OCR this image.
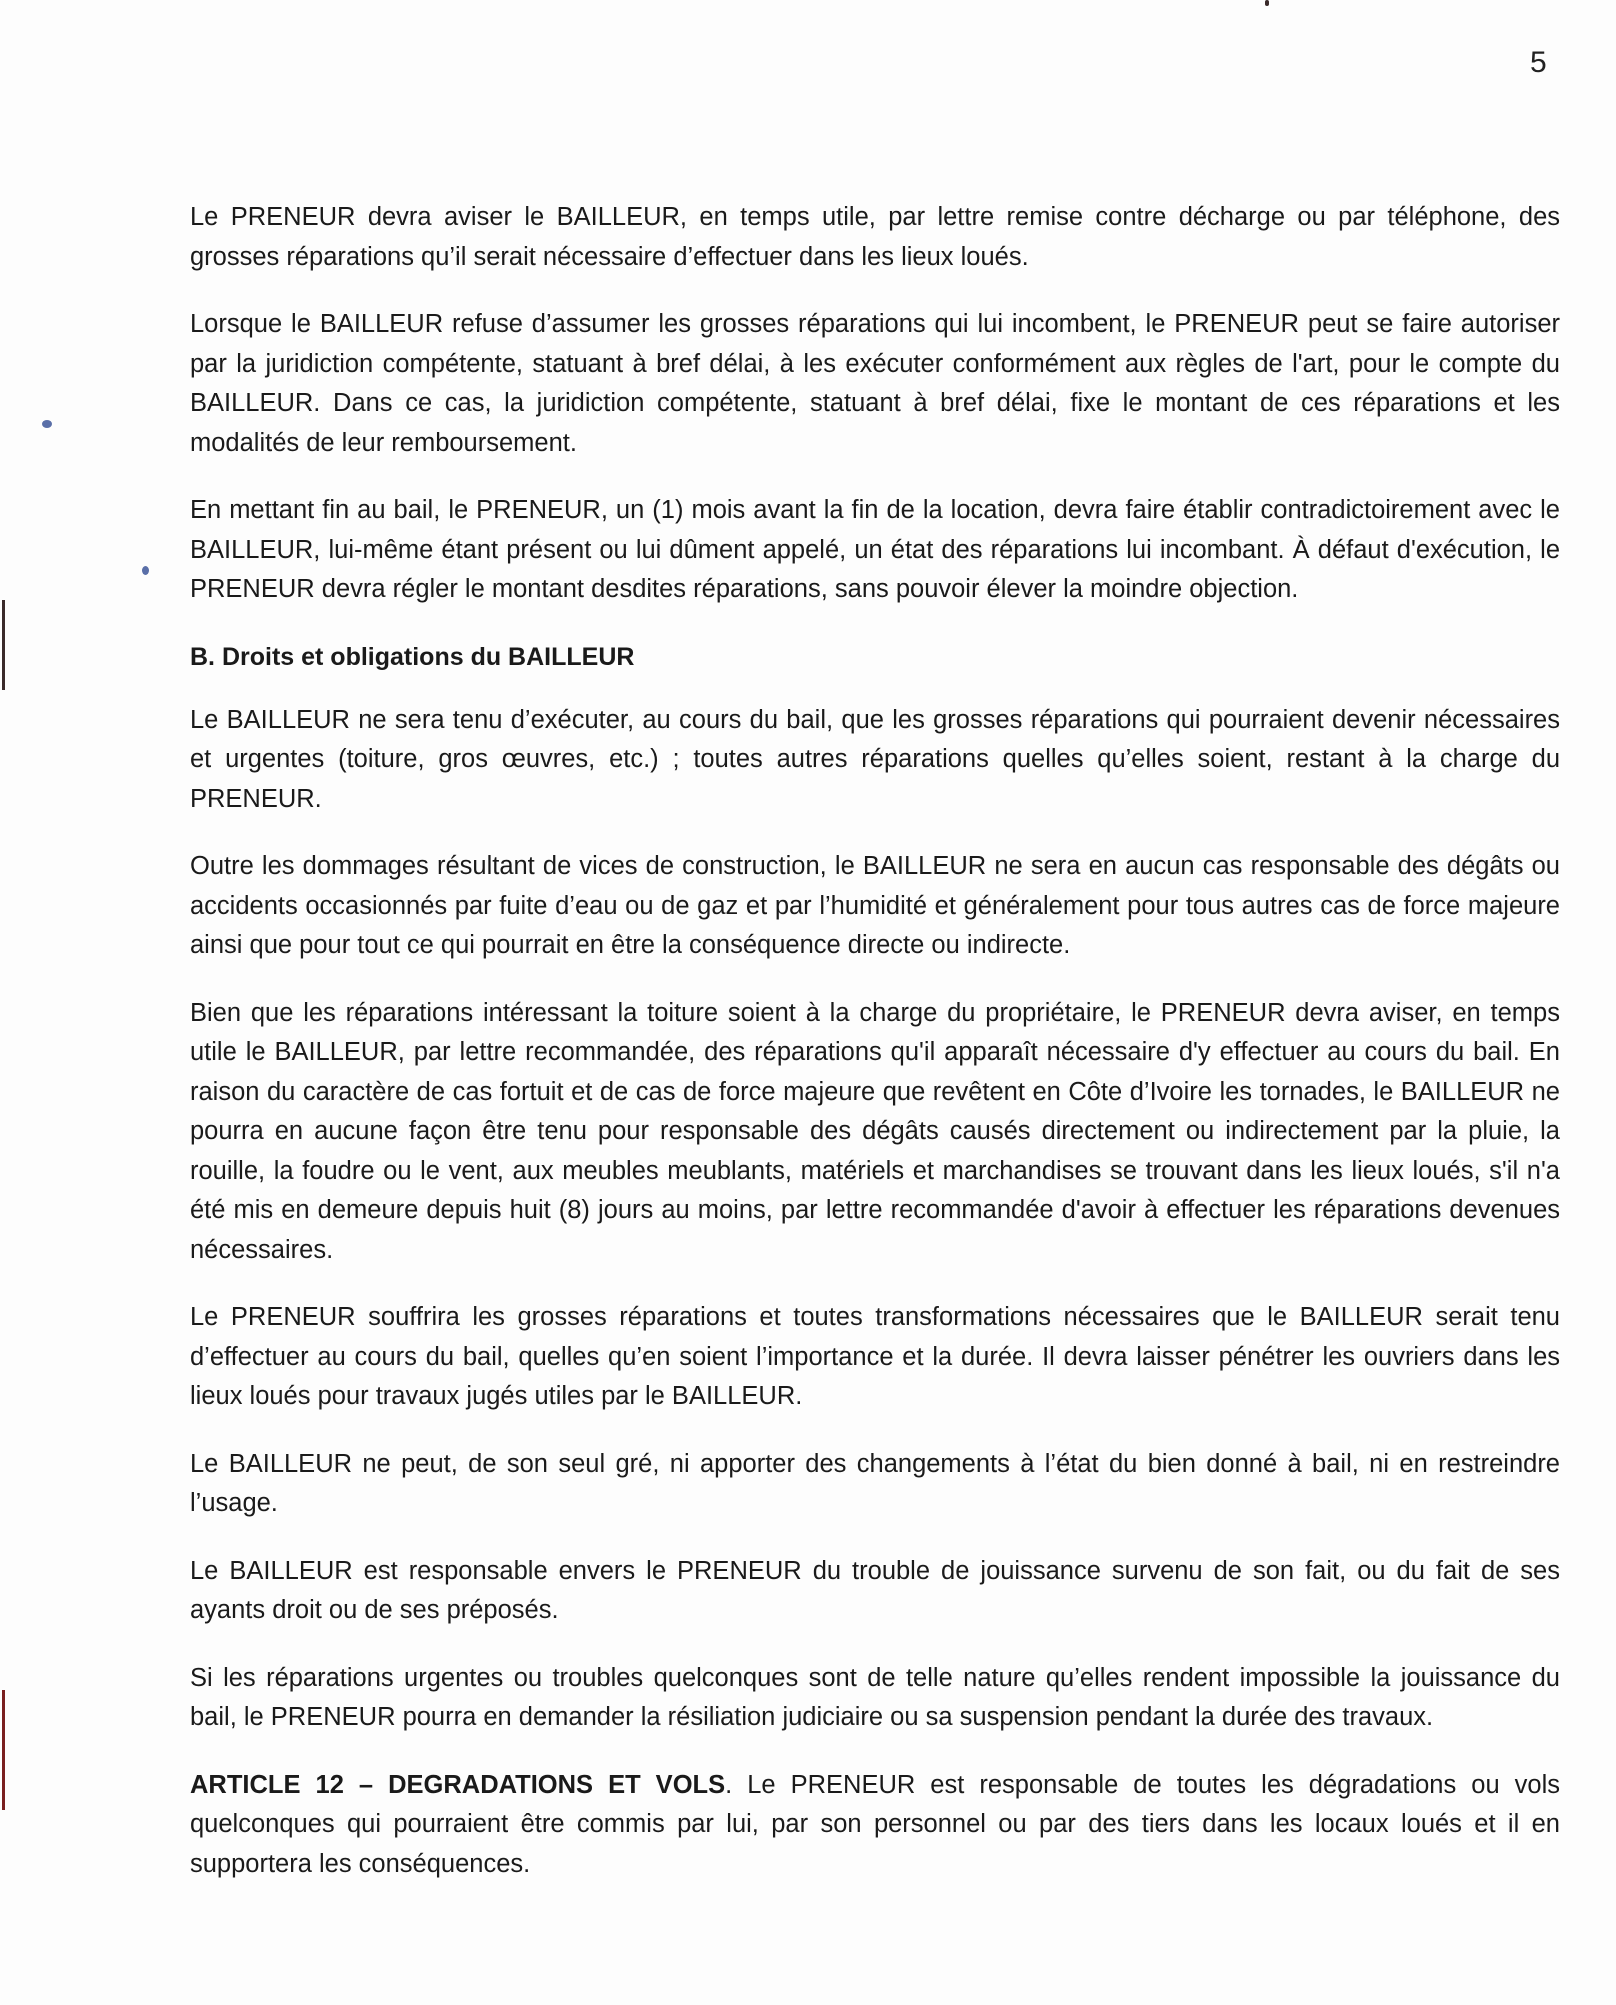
5

Le PRENEUR devra aviser le BAILLEUR, en temps utile, par lettre remise contre décharge ou par téléphone, des grosses réparations qu’il serait nécessaire d’effectuer dans les lieux loués.

Lorsque le BAILLEUR refuse d’assumer les grosses réparations qui lui incombent, le PRENEUR peut se faire autoriser par la juridiction compétente, statuant à bref délai, à les exécuter conformément aux règles de l'art, pour le compte du BAILLEUR. Dans ce cas, la juridiction compétente, statuant à bref délai, fixe le montant de ces réparations et les modalités de leur remboursement.

En mettant fin au bail, le PRENEUR, un (1) mois avant la fin de la location, devra faire établir contradictoirement avec le BAILLEUR, lui-même étant présent ou lui dûment appelé, un état des réparations lui incombant. À défaut d'exécution, le PRENEUR devra régler le montant desdites réparations, sans pouvoir élever la moindre objection.

B. Droits et obligations du BAILLEUR

Le BAILLEUR ne sera tenu d’exécuter, au cours du bail, que les grosses réparations qui pourraient devenir nécessaires et urgentes (toiture, gros œuvres, etc.) ; toutes autres réparations quelles qu’elles soient, restant à la charge du PRENEUR.

Outre les dommages résultant de vices de construction, le BAILLEUR ne sera en aucun cas responsable des dégâts ou accidents occasionnés par fuite d’eau ou de gaz et par l’humidité et généralement pour tous autres cas de force majeure ainsi que pour tout ce qui pourrait en être la conséquence directe ou indirecte.

Bien que les réparations intéressant la toiture soient à la charge du propriétaire, le PRENEUR devra aviser, en temps utile le BAILLEUR, par lettre recommandée, des réparations qu'il apparaît nécessaire d'y effectuer au cours du bail. En raison du caractère de cas fortuit et de cas de force majeure que revêtent en Côte d’Ivoire les tornades, le BAILLEUR ne pourra en aucune façon être tenu pour responsable des dégâts causés directement ou indirectement par la pluie, la rouille, la foudre ou le vent, aux meubles meublants, matériels et marchandises se trouvant dans les lieux loués, s'il n'a été mis en demeure depuis huit (8) jours au moins, par lettre recommandée d'avoir à effectuer les réparations devenues nécessaires.

Le PRENEUR souffrira les grosses réparations et toutes transformations nécessaires que le BAILLEUR serait tenu d’effectuer au cours du bail, quelles qu’en soient l’importance et la durée. Il devra laisser pénétrer les ouvriers dans les lieux loués pour travaux jugés utiles par le BAILLEUR.

Le BAILLEUR ne peut, de son seul gré, ni apporter des changements à l’état du bien donné à bail, ni en restreindre l’usage.

Le BAILLEUR est responsable envers le PRENEUR du trouble de jouissance survenu de son fait, ou du fait de ses ayants droit ou de ses préposés.

Si les réparations urgentes ou troubles quelconques sont de telle nature qu’elles rendent impossible la jouissance du bail, le PRENEUR pourra en demander la résiliation judiciaire ou sa suspension pendant la durée des travaux.

ARTICLE 12 – DEGRADATIONS ET VOLS. Le PRENEUR est responsable de toutes les dégradations ou vols quelconques qui pourraient être commis par lui, par son personnel ou par des tiers dans les locaux loués et il en supportera les conséquences.
